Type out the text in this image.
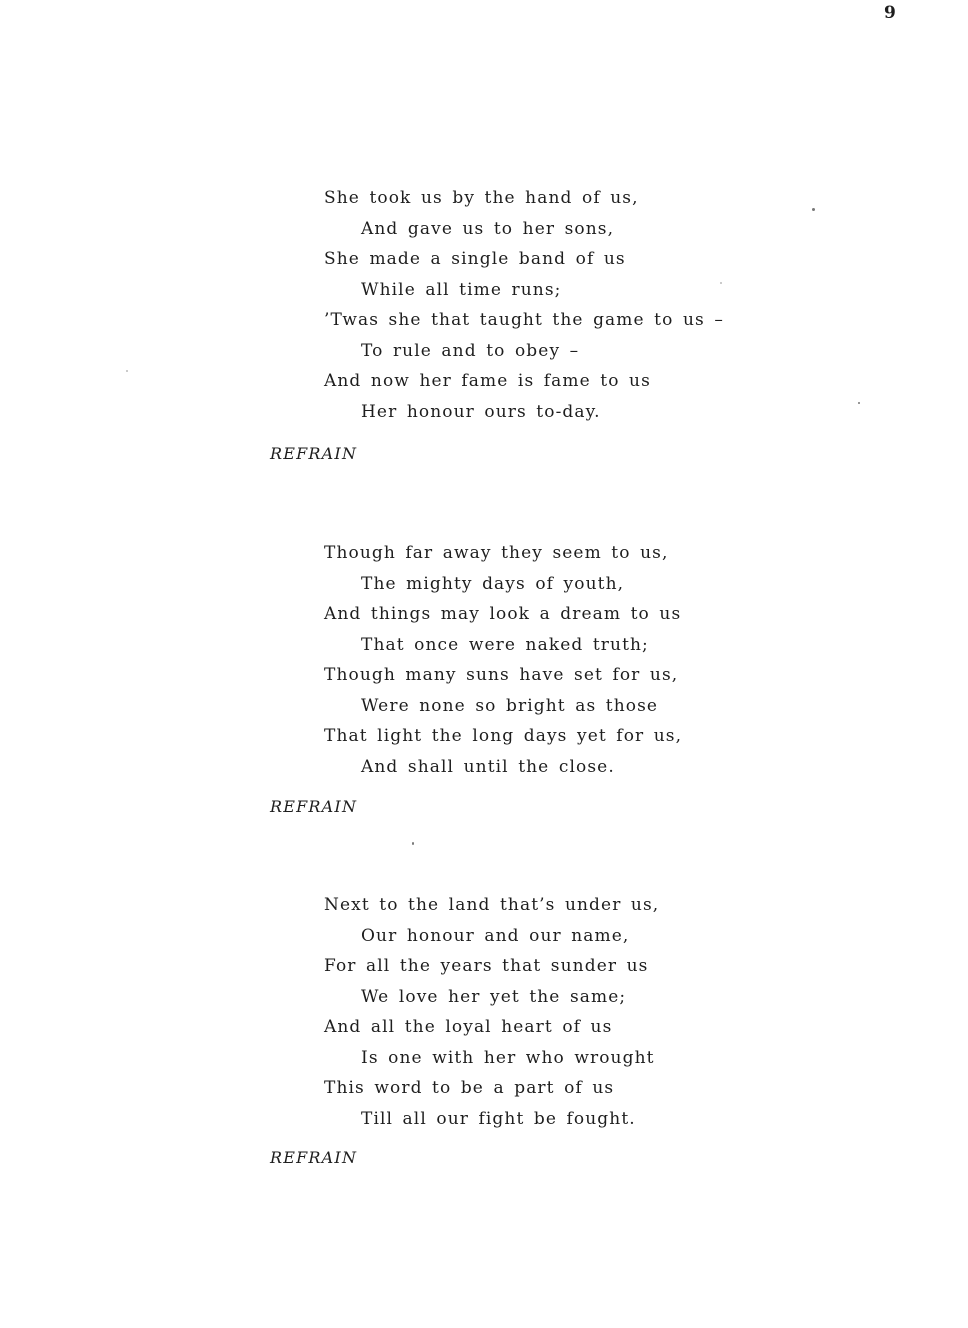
9
She took us by the hand of us,
And gave us to her sons,
She made a single band of us
While all time runs;
’Twas she that taught the game to us –
To rule and to obey –
And now her fame is fame to us
Her honour ours to-day.
REFRAIN
Though far away they seem to us,
The mighty days of youth,
And things may look a dream to us
That once were naked truth;
Though many suns have set for us,
Were none so bright as those
That light the long days yet for us,
And shall until the close.
REFRAIN
Next to the land that’s under us,
Our honour and our name,
For all the years that sunder us
We love her yet the same;
And all the loyal heart of us
Is one with her who wrought
This word to be a part of us
Till all our fight be fought.
REFRAIN
